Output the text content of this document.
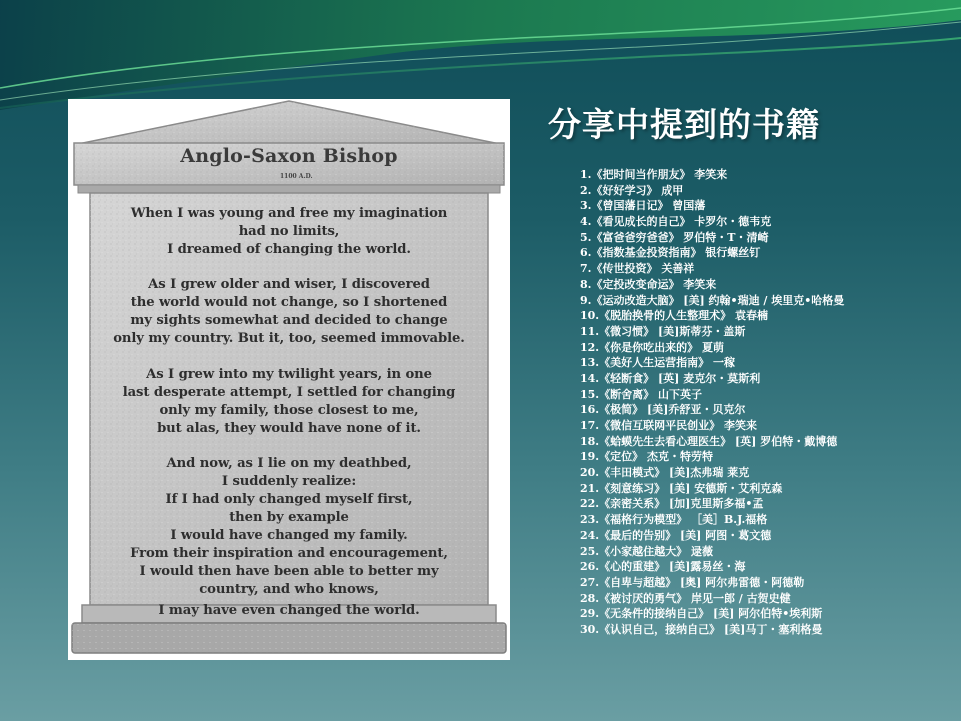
Anglo-Saxon Bishop
1100 A.D.
When I was young and free my imagination
had no limits,
I dreamed of changing the world.
As I grew older and wiser, I discovered
the world would not change, so I shortened
my sights somewhat and decided to change
only my country. But it, too, seemed immovable.
As I grew into my twilight years, in one
last desperate attempt, I settled for changing
only my family, those closest to me,
but alas, they would have none of it.
And now, as I lie on my deathbed,
I suddenly realize:
If I had only changed myself first,
then by example
I would have changed my family.
From their inspiration and encouragement,
I would then have been able to better my
country, and who knows,
I may have even changed the world.
分享中提到的书籍
1.《把时间当作朋友》 李笑来
2.《好好学习》 成甲
3.《曾国藩日记》 曾国藩
4.《看见成长的自己》 卡罗尔・德韦克
5.《富爸爸穷爸爸》 罗伯特・T・清崎
6.《指数基金投资指南》 银行螺丝钉
7.《传世投资》 关善祥
8.《定投改变命运》 李笑来
9.《运动改造大脑》 [美] 约翰•瑞迪 / 埃里克•哈格曼
10.《脱胎换骨的人生整理术》 袁春楠
11.《微习惯》 [美]斯蒂芬・盖斯
12.《你是你吃出来的》 夏萌
13.《美好人生运营指南》 一稼
14.《轻断食》 [英] 麦克尔・莫斯利
15.《断舍离》 山下英子
16.《极简》 [美]乔舒亚・贝克尔
17.《微信互联网平民创业》 李笑来
18.《蛤蟆先生去看心理医生》 [英] 罗伯特・戴博德
19.《定位》 杰克・特劳特
20.《丰田模式》 [美]杰弗瑞 莱克
21.《刻意练习》 [美] 安德斯・艾利克森
22.《亲密关系》 [加]克里斯多福•孟
23.《福格行为模型》 ［美］B.J.福格
24.《最后的告别》 [美] 阿图・葛文德
25.《小家越住越大》 逯薇
26.《心的重建》 [美]露易丝・海
27.《自卑与超越》 [奥] 阿尔弗雷德・阿德勒
28.《被讨厌的勇气》 岸见一郎 / 古贺史健
29.《无条件的接纳自己》 [美] 阿尔伯特•埃利斯
30.《认识自己，接纳自己》 [美]马丁・塞利格曼
